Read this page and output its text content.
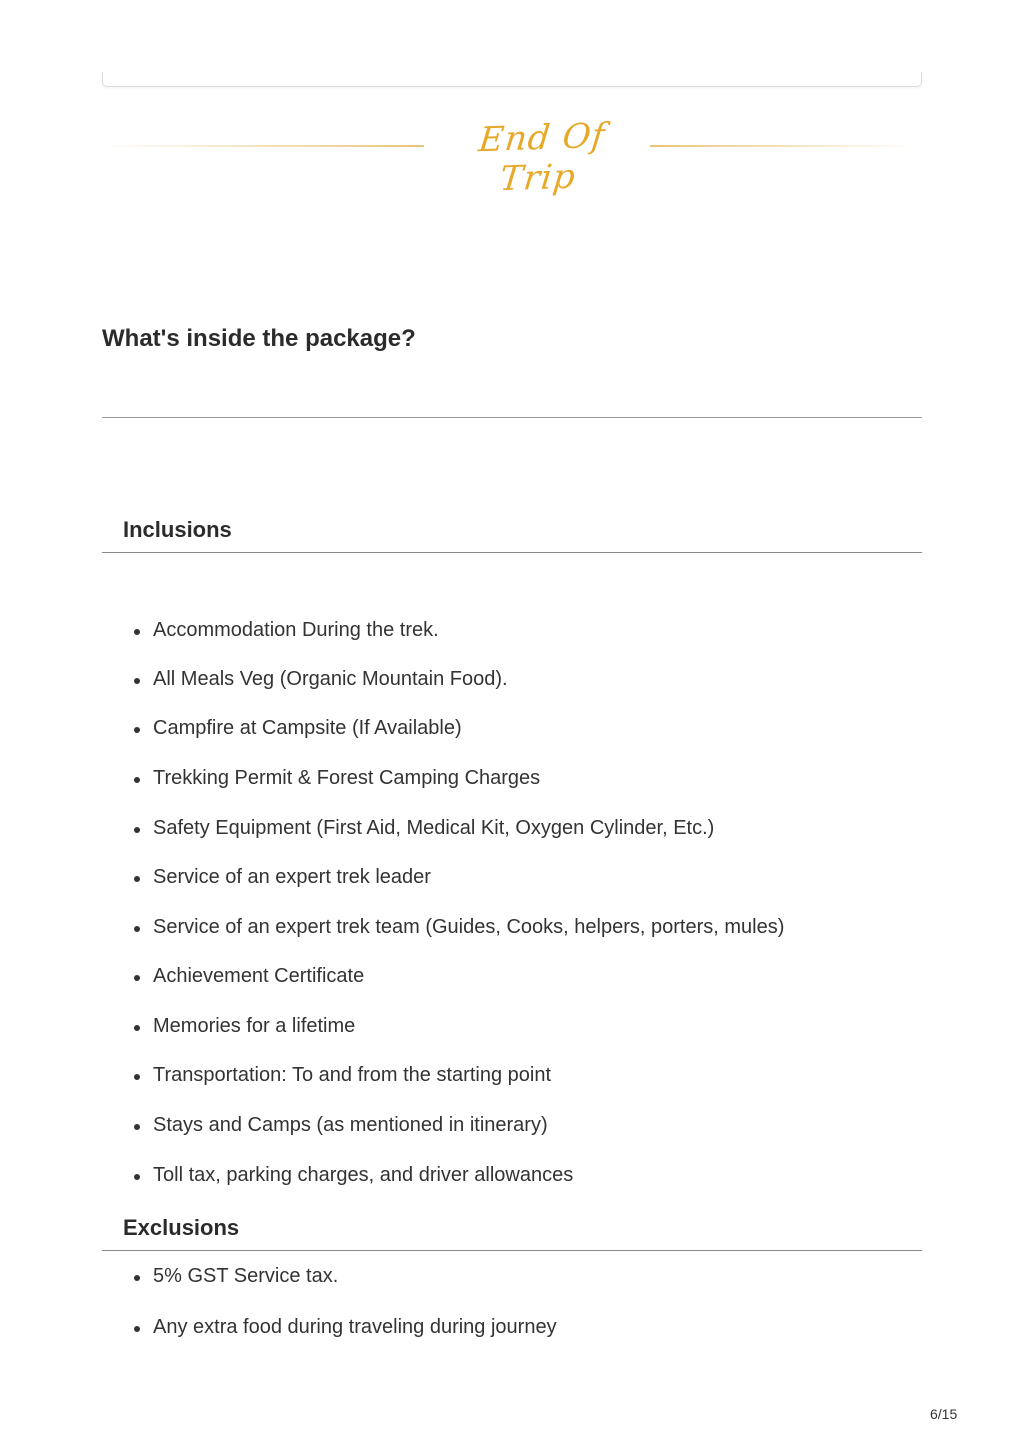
End Of Trip
What's inside the package?
Inclusions
Accommodation During the trek.
All Meals Veg (Organic Mountain Food).
Campfire at Campsite (If Available)
Trekking Permit & Forest Camping Charges
Safety Equipment (First Aid, Medical Kit, Oxygen Cylinder, Etc.)
Service of an expert trek leader
Service of an expert trek team (Guides, Cooks, helpers, porters, mules)
Achievement Certificate
Memories for a lifetime
Transportation: To and from the starting point
Stays and Camps (as mentioned in itinerary)
Toll tax, parking charges, and driver allowances
Exclusions
5% GST Service tax.
Any extra food during traveling during journey
6/15
